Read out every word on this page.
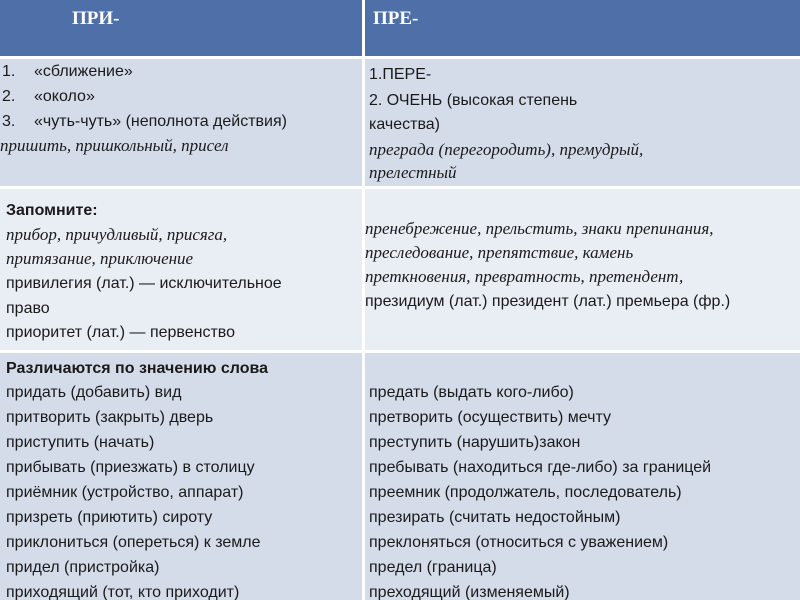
ПРИ-	ПРЕ-
1. «сближение»
2. «около»
3. «чуть-чуть» (неполнота действия)
пришить, пришкольный, присел
1.ПЕРЕ-
2. ОЧЕНЬ (высокая степень
качества)
преграда (перегородить), премудрый,
прелестный
Запомните:
прибор, причудливый, присяга,
притязание, приключение
привилегия (лат.) — исключительное
право
приоритет (лат.) — первенство
пренебрежение, прельстить, знаки препинания,
преследование, препятствие, камень
преткновения, превратность, претендент,
президиум (лат.) президент (лат.) премьера (фр.)
Различаются по значению слова
придать (добавить) вид
притворить (закрыть) дверь
приступить (начать)
прибывать (приезжать) в столицу
приёмник (устройство, аппарат)
призреть (приютить) сироту
приклониться (опереться) к земле
придел (пристройка)
приходящий (тот, кто приходит)
предать (выдать кого-либо)
претворить (осуществить) мечту
преступить (нарушить)закон
пребывать (находиться где-либо) за границей
преемник (продолжатель, последователь)
презирать (считать недостойным)
преклоняться (относиться с уважением)
предел (граница)
преходящий (изменяемый)
